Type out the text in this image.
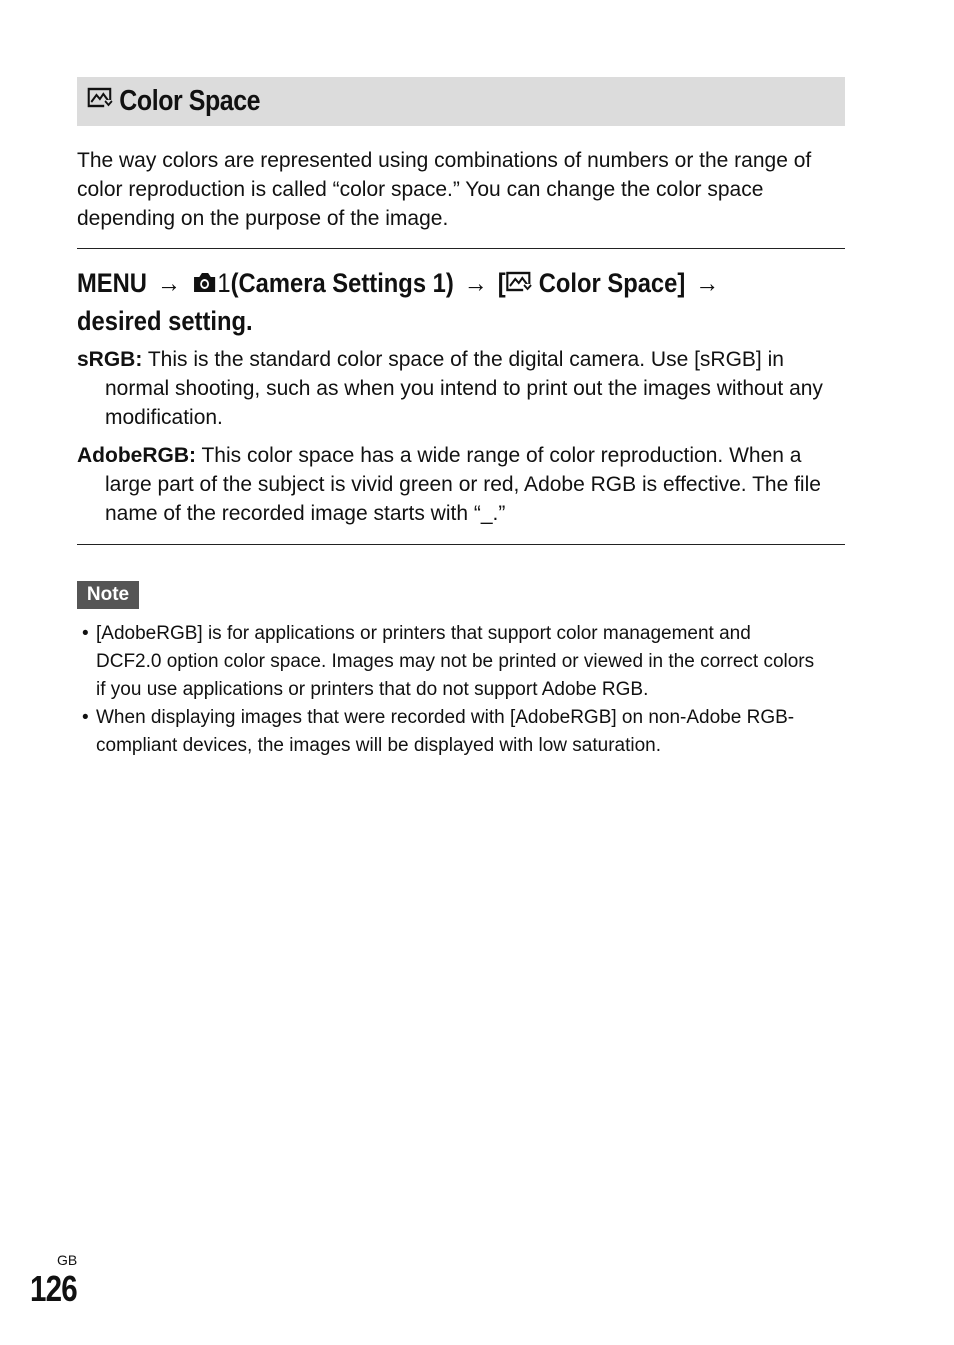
Color Space

The way colors are represented using combinations of numbers or the range of color reproduction is called “color space.” You can change the color space depending on the purpose of the image.

MENU → 1(Camera Settings 1) → [ Color Space] → desired setting.

sRGB: This is the standard color space of the digital camera. Use [sRGB] in normal shooting, such as when you intend to print out the images without any modification.

AdobeRGB: This color space has a wide range of color reproduction. When a large part of the subject is vivid green or red, Adobe RGB is effective. The file name of the recorded image starts with “_.”

Note
• [AdobeRGB] is for applications or printers that support color management and DCF2.0 option color space. Images may not be printed or viewed in the correct colors if you use applications or printers that do not support Adobe RGB.
• When displaying images that were recorded with [AdobeRGB] on non-Adobe RGB-compliant devices, the images will be displayed with low saturation.
GB
126
